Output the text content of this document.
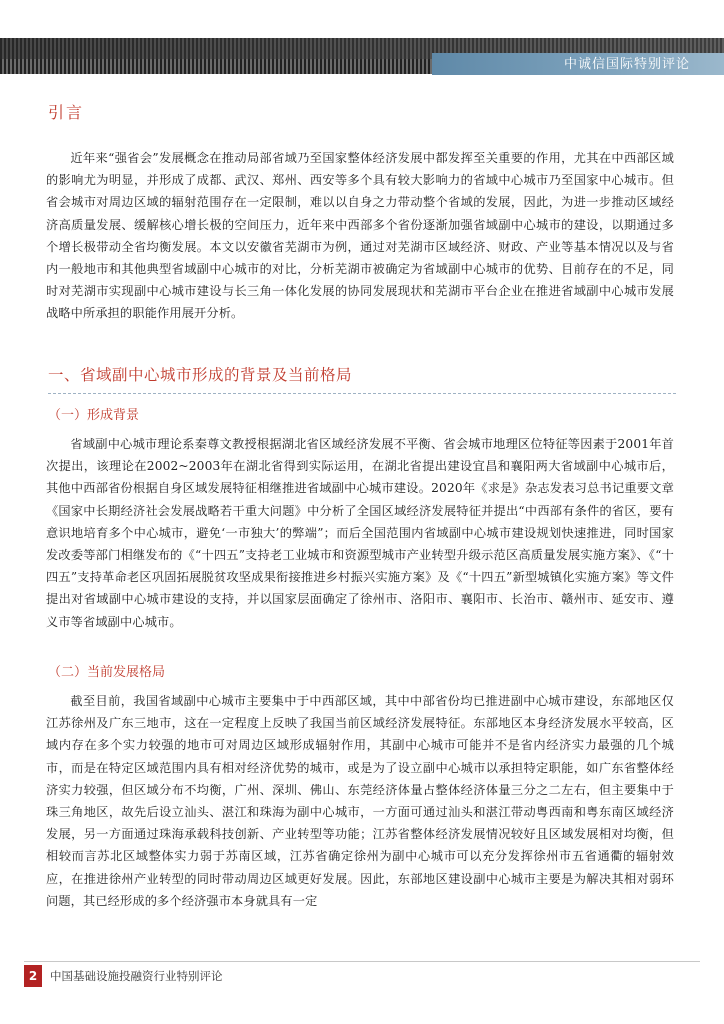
中诚信国际特别评论
引言

近年来“强省会”发展概念在推动局部省域乃至国家整体经济发展中都发挥至关重要的作用，尤其在中西部区域的影响尤为明显，并形成了成都、武汉、郑州、西安等多个具有较大影响力的省域中心城市乃至国家中心城市。但省会城市对周边区域的辐射范围存在一定限制，难以以自身之力带动整个省域的发展，因此，为进一步推动区域经济高质量发展、缓解核心增长极的空间压力，近年来中西部多个省份逐渐加强省域副中心城市的建设，以期通过多个增长极带动全省均衡发展。本文以安徽省芜湖市为例，通过对芜湖市区域经济、财政、产业等基本情况以及与省内一般地市和其他典型省域副中心城市的对比，分析芜湖市被确定为省域副中心城市的优势、目前存在的不足，同时对芜湖市实现副中心城市建设与长三角一体化发展的协同发展现状和芜湖市平台企业在推进省域副中心城市发展战略中所承担的职能作用展开分析。

一、省域副中心城市形成的背景及当前格局
（一）形成背景

省域副中心城市理论系秦尊文教授根据湖北省区域经济发展不平衡、省会城市地理区位特征等因素于2001年首次提出，该理论在2002~2003年在湖北省得到实际运用，在湖北省提出建设宜昌和襄阳两大省域副中心城市后，其他中西部省份根据自身区域发展特征相继推进省域副中心城市建设。2020年《求是》杂志发表习总书记重要文章《国家中长期经济社会发展战略若干重大问题》中分析了全国区域经济发展特征并提出“中西部有条件的省区，要有意识地培育多个中心城市，避免‘一市独大’的弊端”；而后全国范围内省域副中心城市建设规划快速推进，同时国家发改委等部门相继发布的《“十四五”支持老工业城市和资源型城市产业转型升级示范区高质量发展实施方案》、《“十四五”支持革命老区巩固拓展脱贫攻坚成果衔接推进乡村振兴实施方案》及《“十四五”新型城镇化实施方案》等文件提出对省域副中心城市建设的支持，并以国家层面确定了徐州市、洛阳市、襄阳市、长治市、赣州市、延安市、遵义市等省域副中心城市。

（二）当前发展格局

截至目前，我国省域副中心城市主要集中于中西部区域，其中中部省份均已推进副中心城市建设，东部地区仅江苏徐州及广东三地市，这在一定程度上反映了我国当前区域经济发展特征。东部地区本身经济发展水平较高，区域内存在多个实力较强的地市可对周边区域形成辐射作用，其副中心城市可能并不是省内经济实力最强的几个城市，而是在特定区域范围内具有相对经济优势的城市，或是为了设立副中心城市以承担特定职能，如广东省整体经济实力较强，但区域分布不均衡，广州、深圳、佛山、东莞经济体量占整体经济体量三分之二左右，但主要集中于珠三角地区，故先后设立汕头、湛江和珠海为副中心城市，一方面可通过汕头和湛江带动粤西南和粤东南区域经济发展，另一方面通过珠海承载科技创新、产业转型等功能；江苏省整体经济发展情况较好且区域发展相对均衡，但相较而言苏北区域整体实力弱于苏南区域，江苏省确定徐州为副中心城市可以充分发挥徐州市五省通衢的辐射效应，在推进徐州产业转型的同时带动周边区域更好发展。因此，东部地区建设副中心城市主要是为解决其相对弱环问题，其已经形成的多个经济强市本身就具有一定

2	中国基础设施投融资行业特别评论
